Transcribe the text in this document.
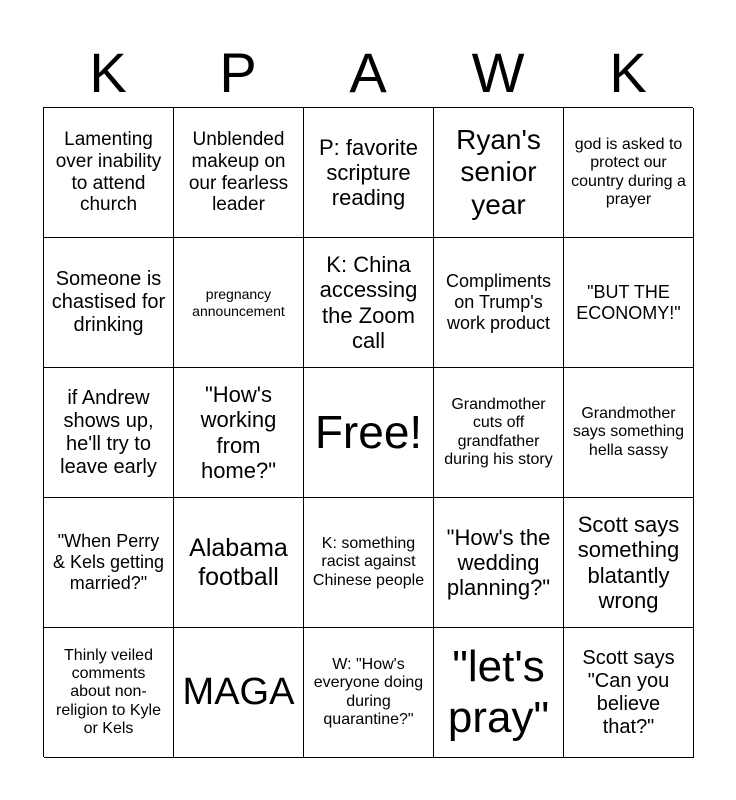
K	P	A	W	K
Lamenting over inability to attend church
Unblended makeup on our fearless leader
P: favorite scripture reading
Ryan's senior year
god is asked to protect our country during a prayer
Someone is chastised for drinking
pregnancy announcement
K: China accessing the Zoom call
Compliments on Trump's work product
"BUT THE ECONOMY!"
if Andrew shows up, he'll try to leave early
"How's working from home?"
Free!
Grandmother cuts off grandfather during his story
Grandmother says something hella sassy
"When Perry & Kels getting married?"
Alabama football
K: something racist against Chinese people
"How's the wedding planning?"
Scott says something blatantly wrong
Thinly veiled comments about non-religion to Kyle or Kels
MAGA
W: "How's everyone doing during quarantine?"
"let's pray"
Scott says "Can you believe that?"
